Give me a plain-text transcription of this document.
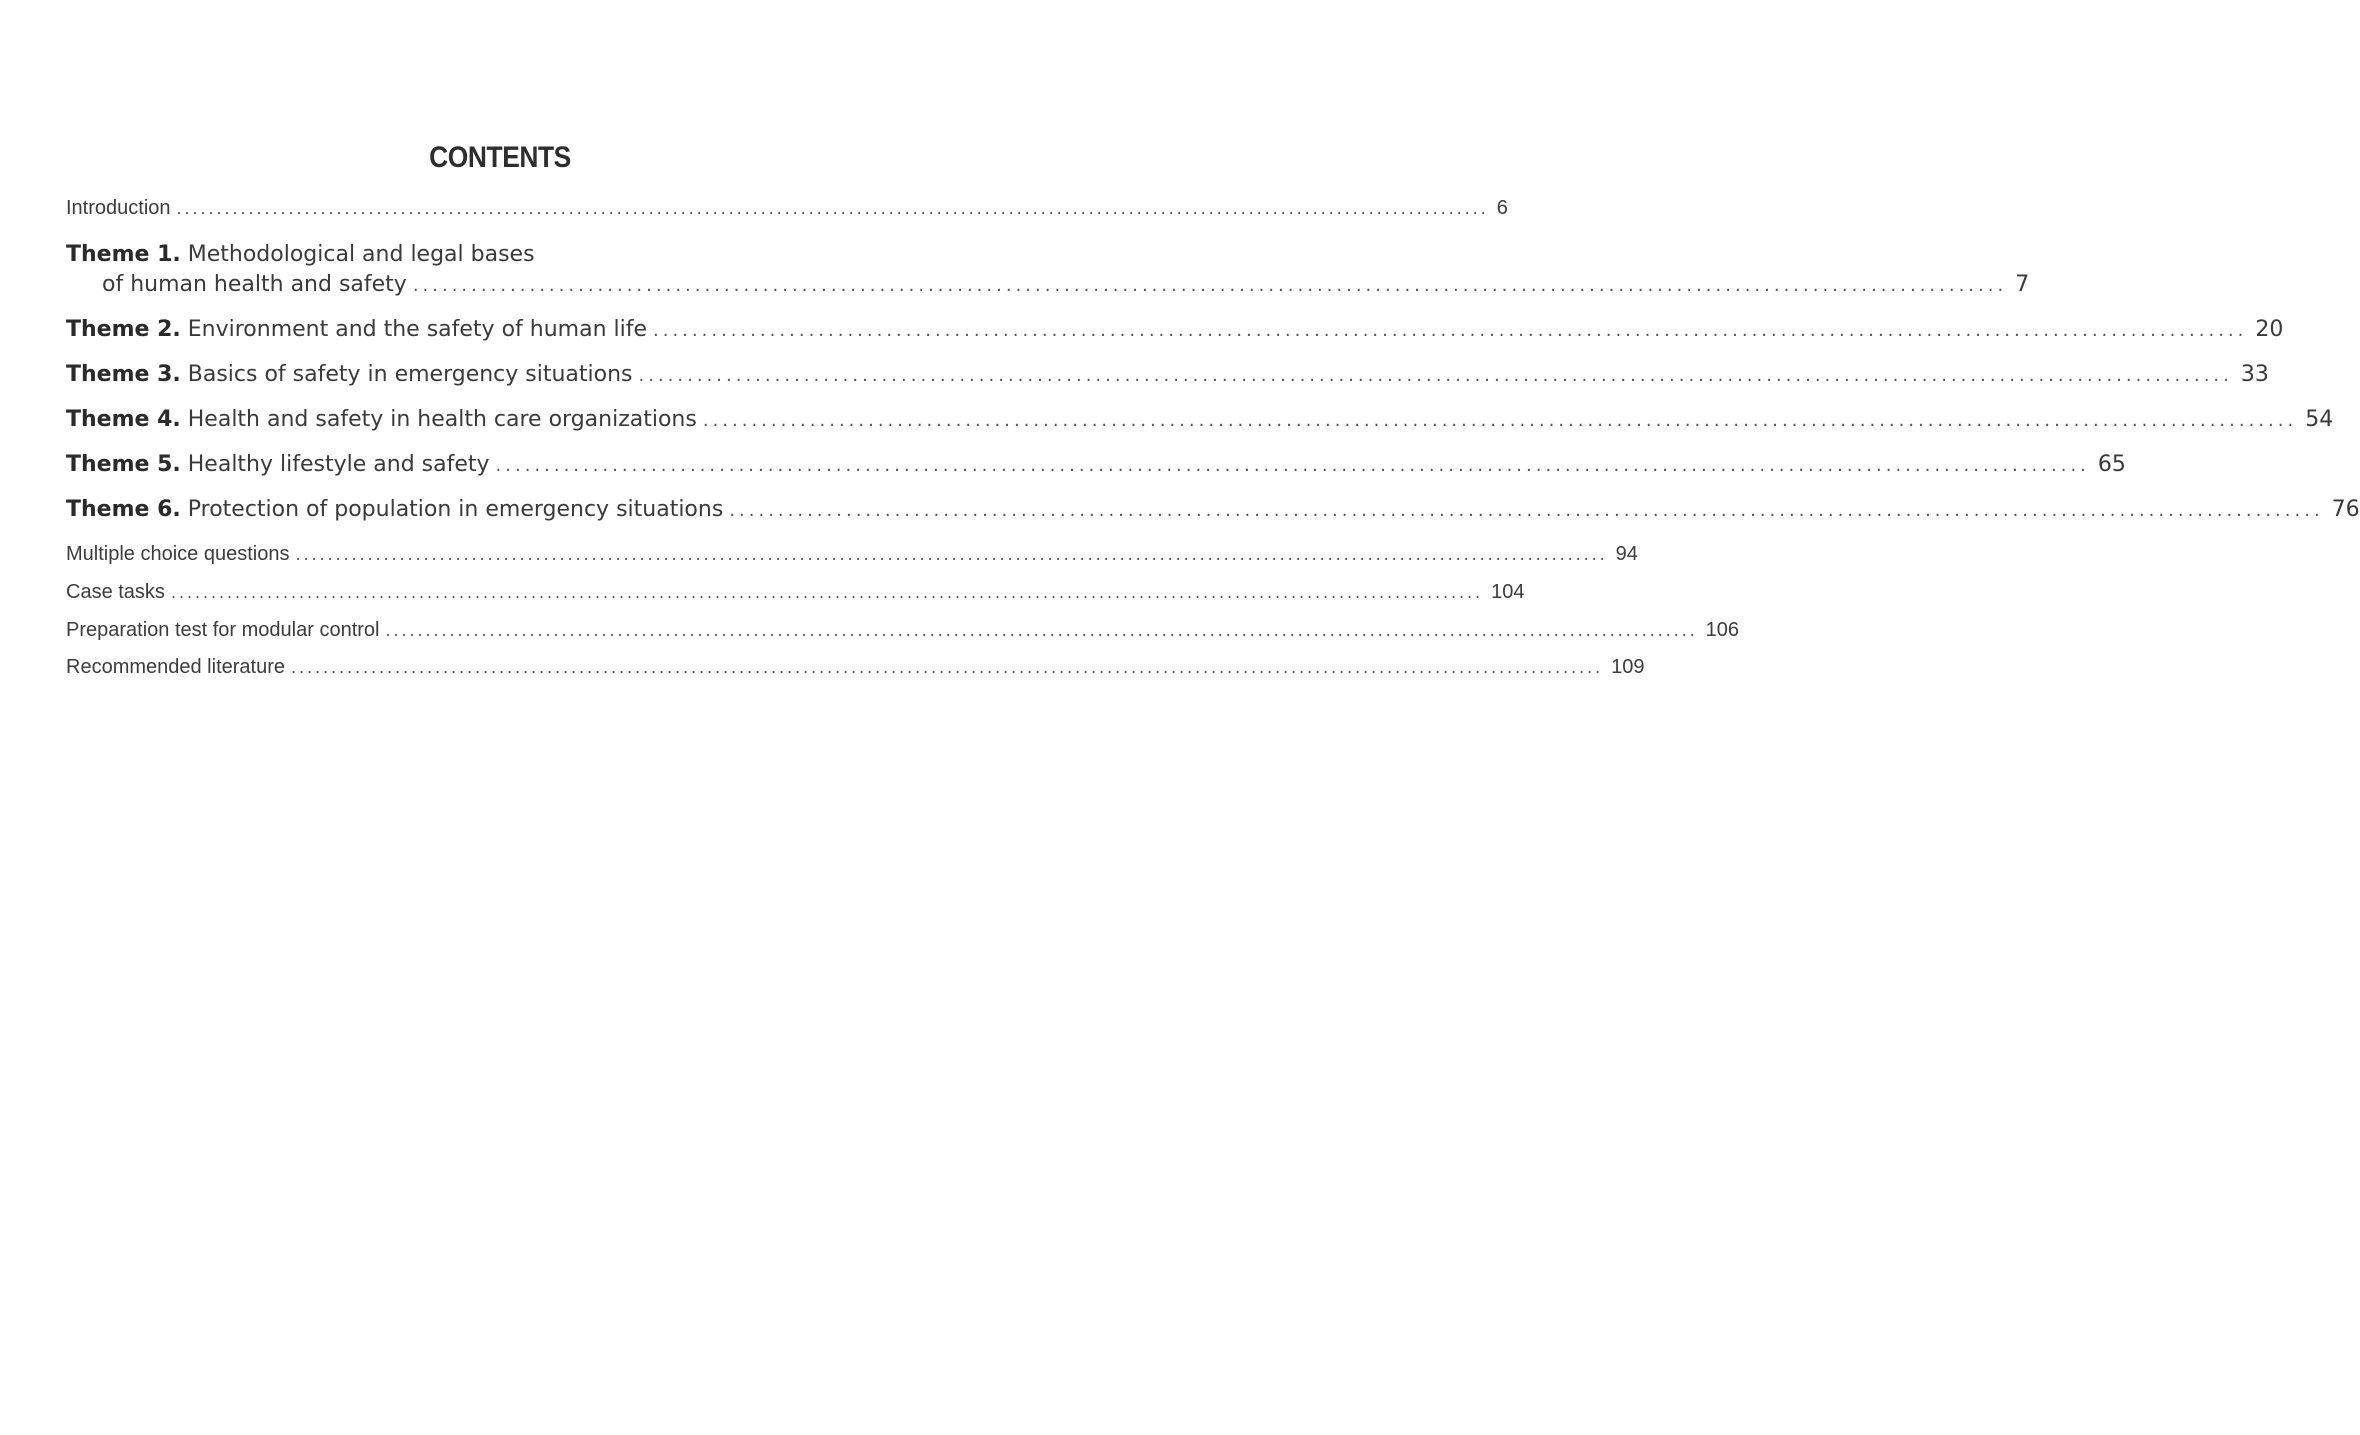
CONTENTS
Introduction .................................................................................................................................................................... 6
Theme 1. Methodological and legal bases
of human health and safety .................................................................................................................................................................... 7
Theme 2. Environment and the safety of human life .................................................................................................................................................................... 20
Theme 3. Basics of safety in emergency situations .................................................................................................................................................................... 33
Theme 4. Health and safety in health care organizations .................................................................................................................................................................... 54
Theme 5. Healthy lifestyle and safety .................................................................................................................................................................... 65
Theme 6. Protection of population in emergency situations .................................................................................................................................................................... 76
Multiple choice questions .................................................................................................................................................................... 94
Case tasks .................................................................................................................................................................... 104
Preparation test for modular control .................................................................................................................................................................... 106
Recommended literature .................................................................................................................................................................... 109
